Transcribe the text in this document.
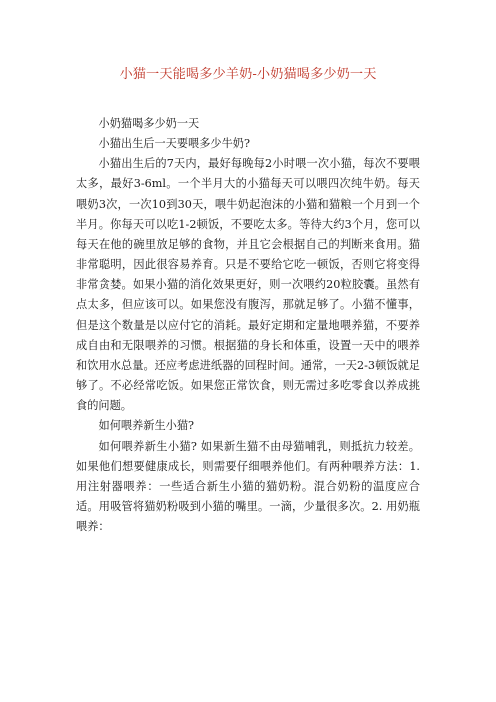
小猫一天能喝多少羊奶-小奶猫喝多少奶一天

小奶猫喝多少奶一天

小猫出生后一天要喂多少牛奶?

小猫出生后的7天内，最好每晚每2小时喂一次小猫，每次不要喂太多，最好3-6ml。一个半月大的小猫每天可以喂四次纯牛奶。每天喂奶3次，一次10到30天，喂牛奶起泡沫的小猫和猫粮一个月到一个半月。你每天可以吃1-2顿饭，不要吃太多。等待大约3个月，您可以每天在他的碗里放足够的食物，并且它会根据自己的判断来食用。猫非常聪明，因此很容易养育。只是不要给它吃一顿饭，否则它将变得非常贪婪。如果小猫的消化效果更好，则一次喂约20粒胶囊。虽然有点太多，但应该可以。如果您没有腹泻，那就足够了。小猫不懂事，但是这个数量是以应付它的消耗。最好定期和定量地喂养猫，不要养成自由和无限喂养的习惯。根据猫的身长和体重，设置一天中的喂养和饮用水总量。还应考虑进纸器的回程时间。通常，一天2-3顿饭就足够了。不必经常吃饭。如果您正常饮食，则无需过多吃零食以养成挑食的问题。

如何喂养新生小猫?

如何喂养新生小猫? 如果新生猫不由母猫哺乳，则抵抗力较差。如果他们想要健康成长，则需要仔细喂养他们。有两种喂养方法：1. 用注射器喂养：一些适合新生小猫的猫奶粉。混合奶粉的温度应合适。用吸管将猫奶粉吸到小猫的嘴里。一滴，少量很多次。2. 用奶瓶喂养：
